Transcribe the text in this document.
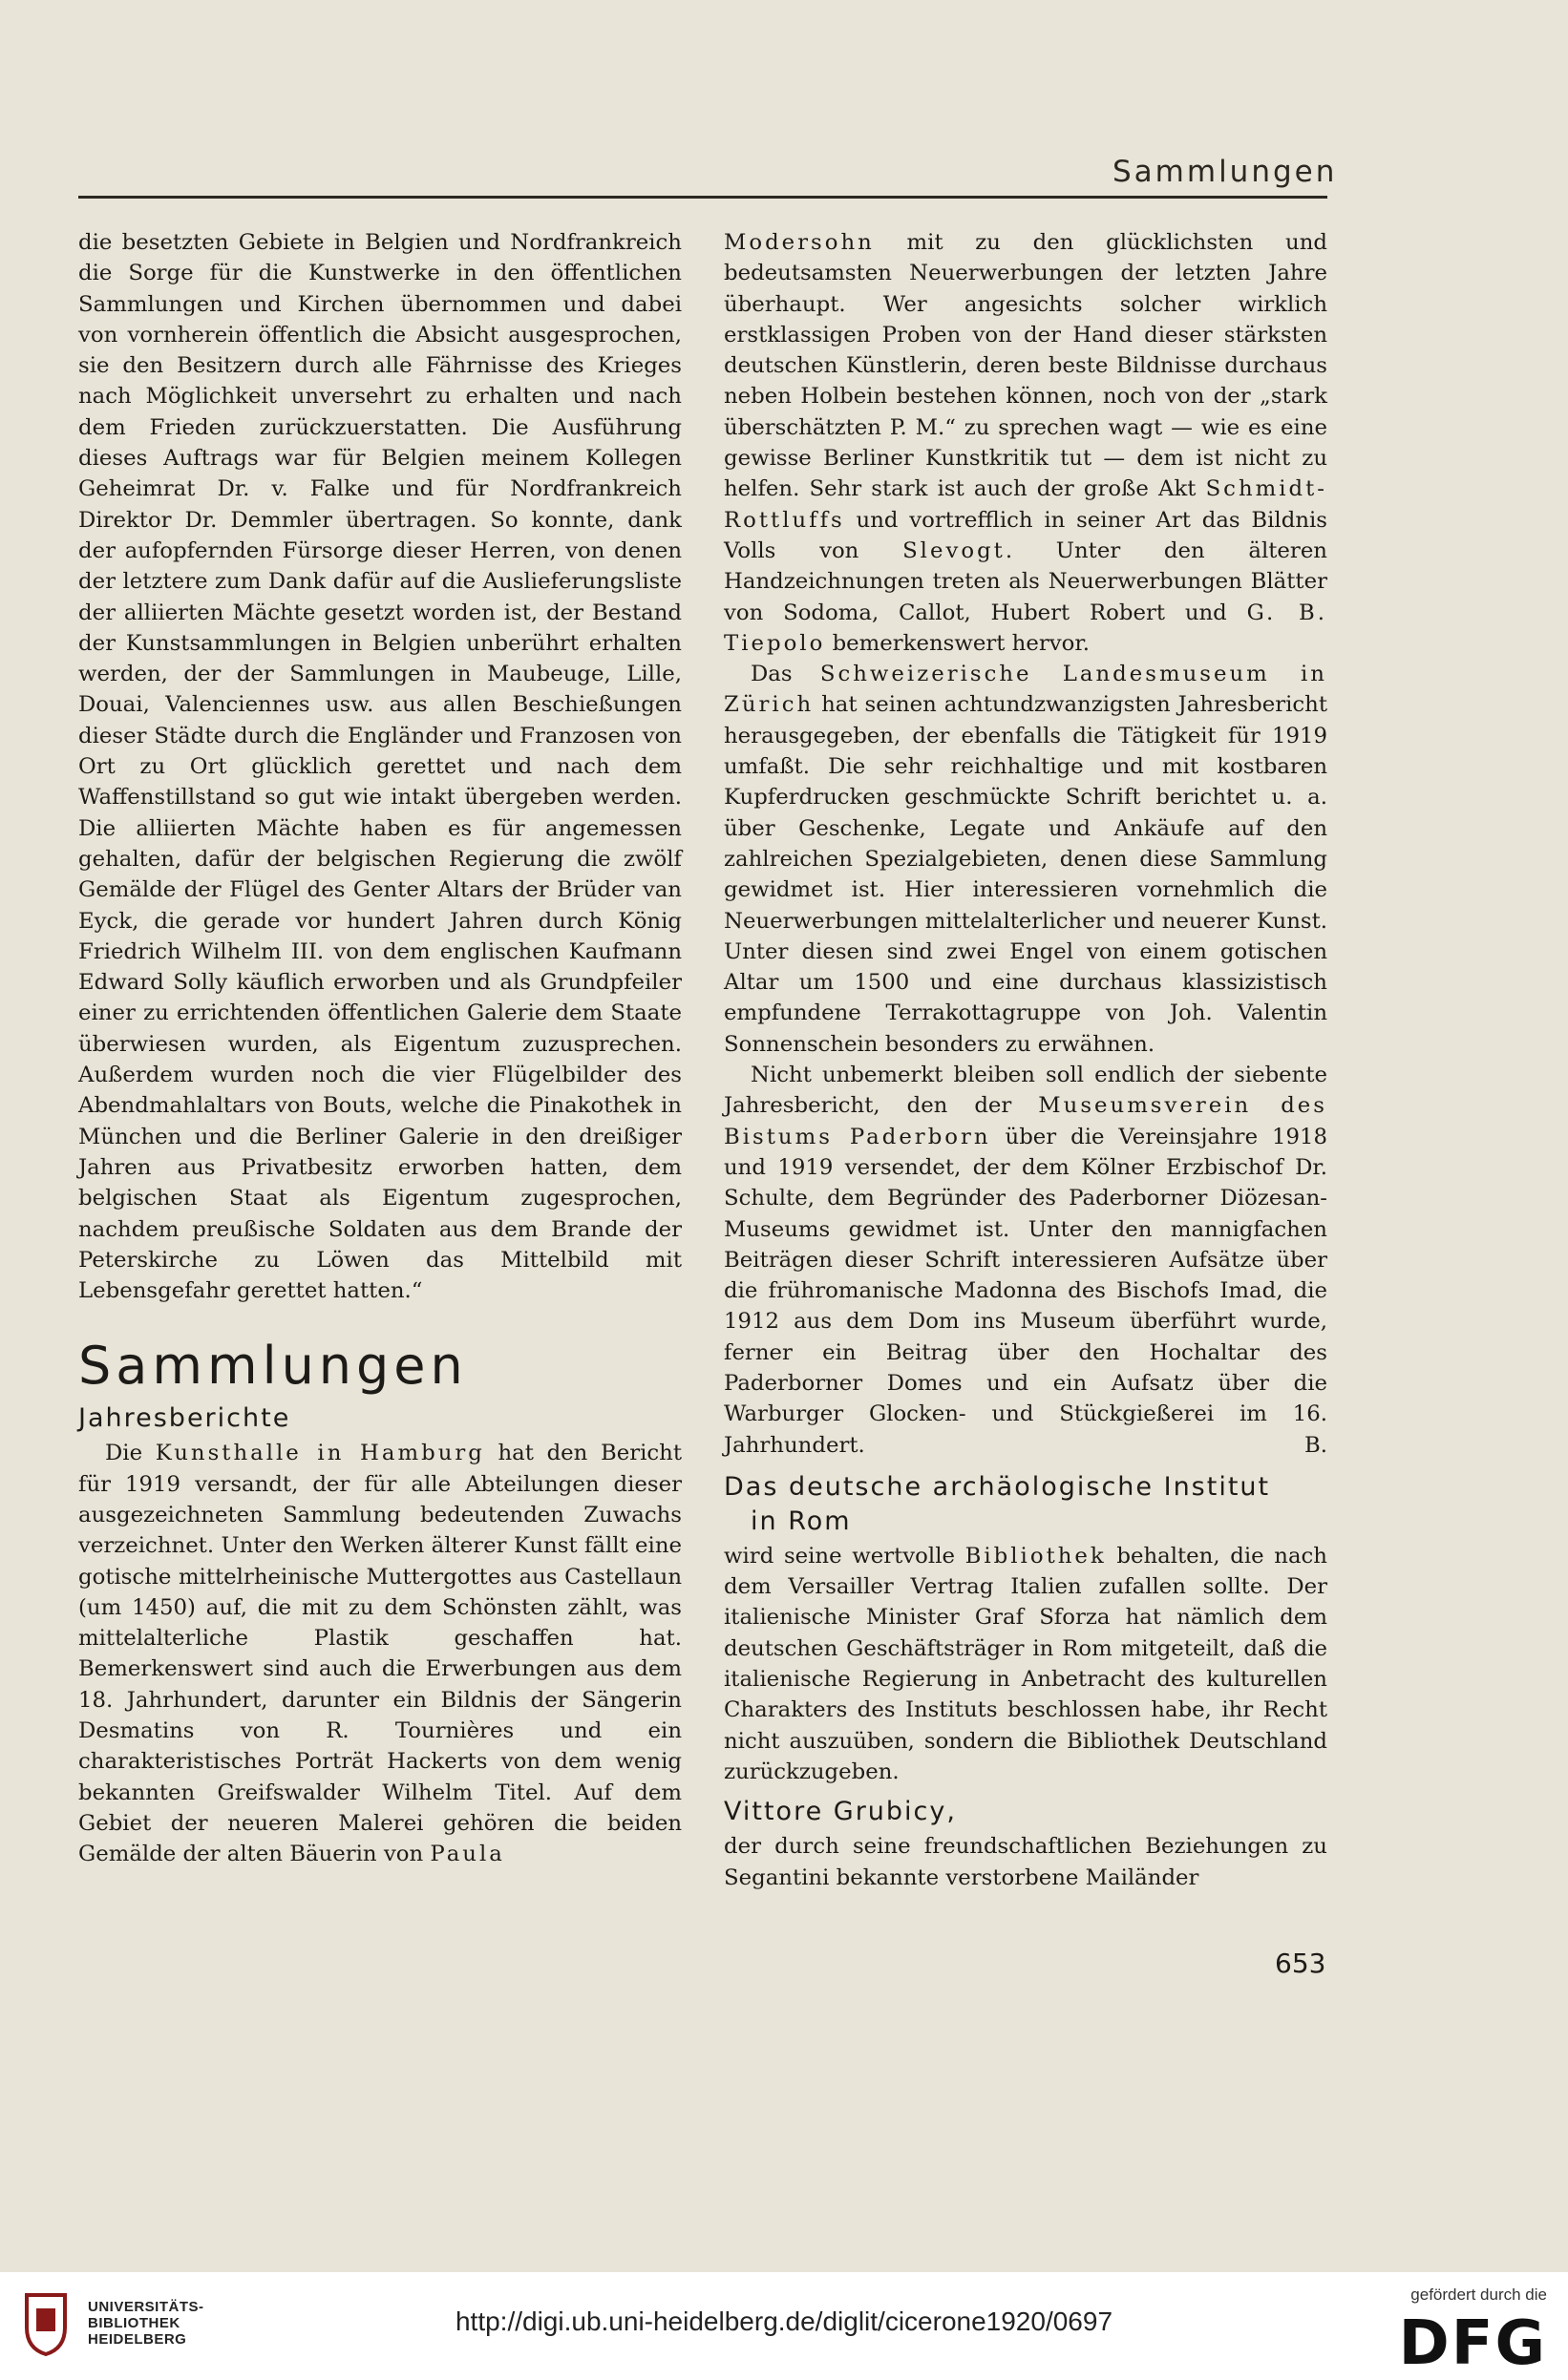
Sammlungen

die besetzten Gebiete in Belgien und Nordfrankreich die Sorge für die Kunstwerke in den öffentlichen Sammlungen und Kirchen übernommen und dabei von vornherein öffentlich die Absicht ausgesprochen, sie den Besitzern durch alle Fährnisse des Krieges nach Möglichkeit unversehrt zu erhalten und nach dem Frieden zurückzuerstatten. Die Ausführung dieses Auftrags war für Belgien meinem Kollegen Geheimrat Dr. v. Falke und für Nordfrankreich Direktor Dr. Demmler übertragen. So konnte, dank der aufopfernden Fürsorge dieser Herren, von denen der letztere zum Dank dafür auf die Auslieferungsliste der alliierten Mächte gesetzt worden ist, der Bestand der Kunstsammlungen in Belgien unberührt erhalten werden, der der Sammlungen in Maubeuge, Lille, Douai, Valenciennes usw. aus allen Beschießungen dieser Städte durch die Engländer und Franzosen von Ort zu Ort glücklich gerettet und nach dem Waffenstillstand so gut wie intakt übergeben werden. Die alliierten Mächte haben es für angemessen gehalten, dafür der belgischen Regierung die zwölf Gemälde der Flügel des Genter Altars der Brüder van Eyck, die gerade vor hundert Jahren durch König Friedrich Wilhelm III. von dem englischen Kaufmann Edward Solly käuflich erworben und als Grundpfeiler einer zu errichtenden öffentlichen Galerie dem Staate überwiesen wurden, als Eigentum zuzusprechen. Außerdem wurden noch die vier Flügelbilder des Abendmahlaltars von Bouts, welche die Pinakothek in München und die Berliner Galerie in den dreißiger Jahren aus Privatbesitz erworben hatten, dem belgischen Staat als Eigentum zugesprochen, nachdem preußische Soldaten aus dem Brande der Peterskirche zu Löwen das Mittelbild mit Lebensgefahr gerettet hatten.“

Sammlungen
Jahresberichte

Die Kunsthalle in Hamburg hat den Bericht für 1919 versandt, der für alle Abteilungen dieser ausgezeichneten Sammlung bedeutenden Zuwachs verzeichnet. Unter den Werken älterer Kunst fällt eine gotische mittelrheinische Muttergottes aus Castellaun (um 1450) auf, die mit zu dem Schönsten zählt, was mittelalterliche Plastik geschaffen hat. Bemerkenswert sind auch die Erwerbungen aus dem 18. Jahrhundert, darunter ein Bildnis der Sängerin Desmatins von R. Tournières und ein charakteristisches Porträt Hackerts von dem wenig bekannten Greifswalder Wilhelm Titel. Auf dem Gebiet der neueren Malerei gehören die beiden Gemälde der alten Bäuerin von Paula

Modersohn mit zu den glücklichsten und bedeutsamsten Neuerwerbungen der letzten Jahre überhaupt. Wer angesichts solcher wirklich erstklassigen Proben von der Hand dieser stärksten deutschen Künstlerin, deren beste Bildnisse durchaus neben Holbein bestehen können, noch von der „stark überschätzten P. M.“ zu sprechen wagt — wie es eine gewisse Berliner Kunstkritik tut — dem ist nicht zu helfen. Sehr stark ist auch der große Akt Schmidt-Rottluffs und vortrefflich in seiner Art das Bildnis Volls von Slevogt. Unter den älteren Handzeichnungen treten als Neuerwerbungen Blätter von Sodoma, Callot, Hubert Robert und G. B. Tiepolo bemerkenswert hervor.

Das Schweizerische Landesmuseum in Zürich hat seinen achtundzwanzigsten Jahresbericht herausgegeben, der ebenfalls die Tätigkeit für 1919 umfaßt. Die sehr reichhaltige und mit kostbaren Kupferdrucken geschmückte Schrift berichtet u. a. über Geschenke, Legate und Ankäufe auf den zahlreichen Spezialgebieten, denen diese Sammlung gewidmet ist. Hier interessieren vornehmlich die Neuerwerbungen mittelalterlicher und neuerer Kunst. Unter diesen sind zwei Engel von einem gotischen Altar um 1500 und eine durchaus klassizistisch empfundene Terrakottagruppe von Joh. Valentin Sonnenschein besonders zu erwähnen.

Nicht unbemerkt bleiben soll endlich der siebente Jahresbericht, den der Museumsverein des Bistums Paderborn über die Vereinsjahre 1918 und 1919 versendet, der dem Kölner Erzbischof Dr. Schulte, dem Begründer des Paderborner Diözesan-Museums gewidmet ist. Unter den mannigfachen Beiträgen dieser Schrift interessieren Aufsätze über die frühromanische Madonna des Bischofs Imad, die 1912 aus dem Dom ins Museum überführt wurde, ferner ein Beitrag über den Hochaltar des Paderborner Domes und ein Aufsatz über die Warburger Glocken- und Stückgießerei im 16. Jahrhundert.	B.

Das deutsche archäologische Institut
in Rom

wird seine wertvolle Bibliothek behalten, die nach dem Versailler Vertrag Italien zufallen sollte. Der italienische Minister Graf Sforza hat nämlich dem deutschen Geschäftsträger in Rom mitgeteilt, daß die italienische Regierung in Anbetracht des kulturellen Charakters des Instituts beschlossen habe, ihr Recht nicht auszuüben, sondern die Bibliothek Deutschland zurückzugeben.

Vittore Grubicy,

der durch seine freundschaftlichen Beziehungen zu Segantini bekannte verstorbene Mailänder

653
UNIVERSITÄTS-
BIBLIOTHEK
HEIDELBERG
http://digi.ub.uni-heidelberg.de/diglit/cicerone1920/0697
gefördert durch die
DFG
